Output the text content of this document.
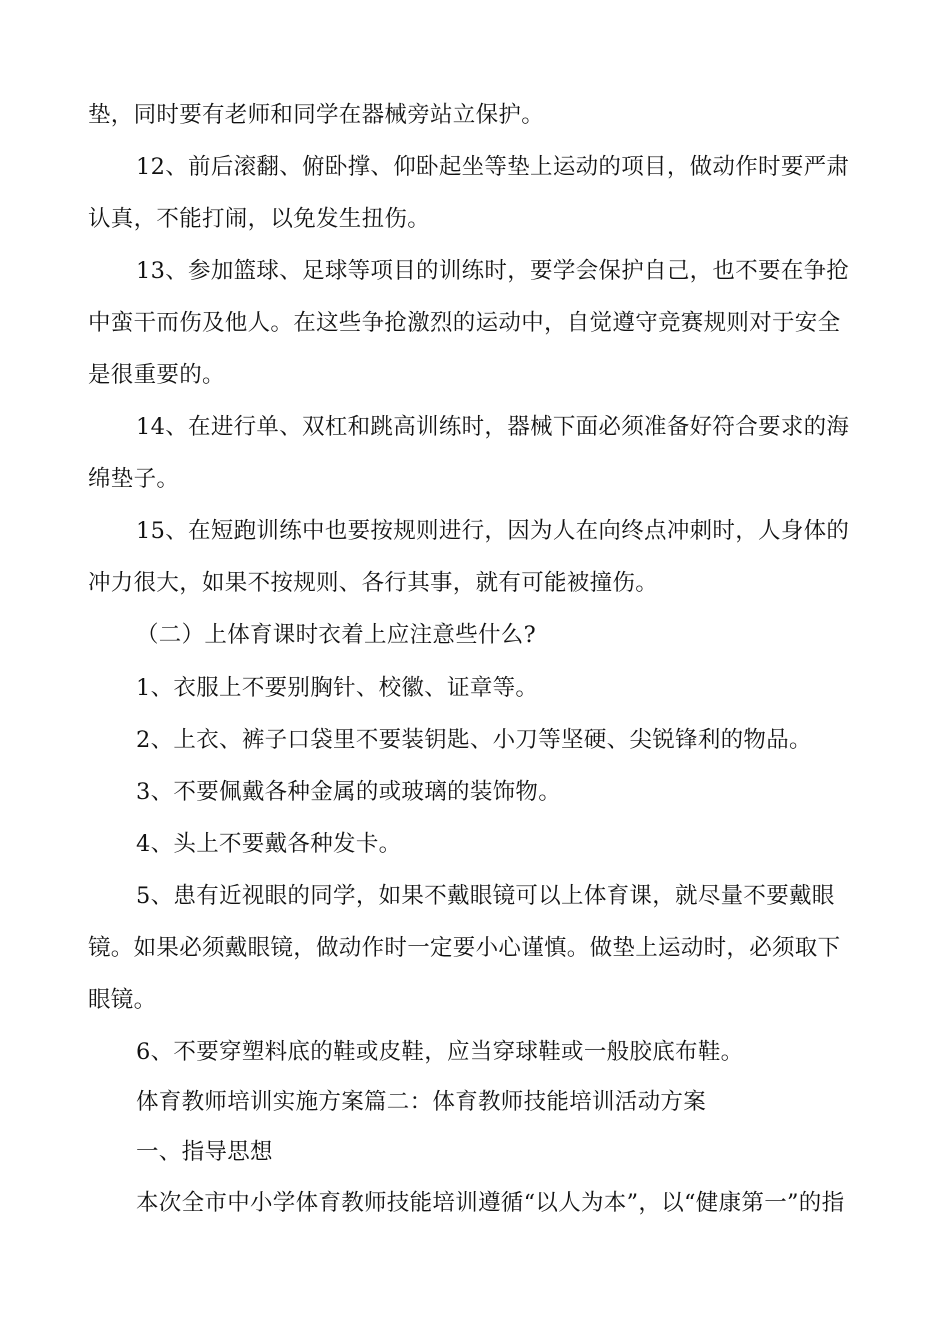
垫，同时要有老师和同学在器械旁站立保护。
12、前后滚翻、俯卧撑、仰卧起坐等垫上运动的项目，做动作时要严肃
认真，不能打闹，以免发生扭伤。
13、参加篮球、足球等项目的训练时，要学会保护自己，也不要在争抢
中蛮干而伤及他人。在这些争抢激烈的运动中，自觉遵守竞赛规则对于安全
是很重要的。
14、在进行单、双杠和跳高训练时，器械下面必须准备好符合要求的海
绵垫子。
15、在短跑训练中也要按规则进行，因为人在向终点冲刺时，人身体的
冲力很大，如果不按规则、各行其事，就有可能被撞伤。
（二）上体育课时衣着上应注意些什么?
1、衣服上不要别胸针、校徽、证章等。
2、上衣、裤子口袋里不要装钥匙、小刀等坚硬、尖锐锋利的物品。
3、不要佩戴各种金属的或玻璃的装饰物。
4、头上不要戴各种发卡。
5、患有近视眼的同学，如果不戴眼镜可以上体育课，就尽量不要戴眼
镜。如果必须戴眼镜，做动作时一定要小心谨慎。做垫上运动时，必须取下
眼镜。
6、不要穿塑料底的鞋或皮鞋，应当穿球鞋或一般胶底布鞋。
体育教师培训实施方案篇二：体育教师技能培训活动方案
一、指导思想
本次全市中小学体育教师技能培训遵循“以人为本”，以“健康第一”的指
